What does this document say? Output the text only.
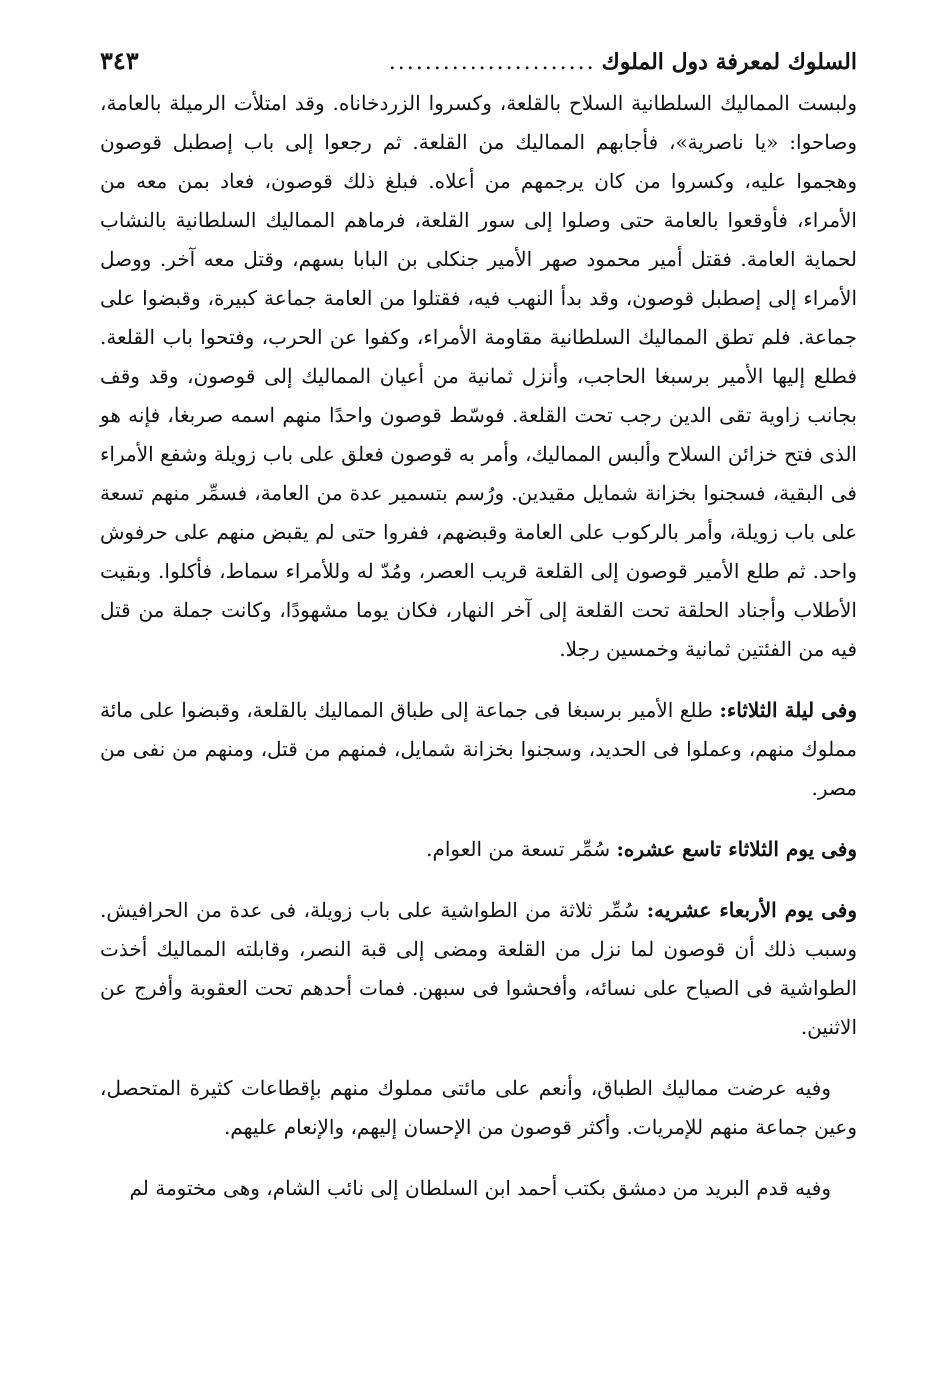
السلوك لمعرفة دول الملوك
.......................
٣٤٣

ولبست المماليك السلطانية السلاح بالقلعة، وكسروا الزردخاناه. وقد امتلأت الرميلة بالعامة، وصاحوا: «يا ناصرية»، فأجابهم المماليك من القلعة. ثم رجعوا إلى باب إصطبل قوصون وهجموا عليه، وكسروا من كان يرجمهم من أعلاه. فبلغ ذلك قوصون، فعاد بمن معه من الأمراء، فأوقعوا بالعامة حتى وصلوا إلى سور القلعة، فرماهم المماليك السلطانية بالنشاب لحماية العامة. فقتل أمير محمود صهر الأمير جنكلى بن البابا بسهم، وقتل معه آخر. ووصل الأمراء إلى إصطبل قوصون، وقد بدأ النهب فيه، فقتلوا من العامة جماعة كبيرة، وقبضوا على جماعة. فلم تطق المماليك السلطانية مقاومة الأمراء، وكفوا عن الحرب، وفتحوا باب القلعة. فطلع إليها الأمير برسبغا الحاجب، وأنزل ثمانية من أعيان المماليك إلى قوصون، وقد وقف بجانب زاوية تقى الدين رجب تحت القلعة. فوسّط قوصون واحدًا منهم اسمه صربغا، فإنه هو الذى فتح خزائن السلاح وألبس المماليك، وأمر به قوصون فعلق على باب زويلة وشفع الأمراء فى البقية، فسجنوا بخزانة شمايل مقيدين. ورُسم بتسمير عدة من العامة، فسمِّر منهم تسعة على باب زويلة، وأمر بالركوب على العامة وقبضهم، ففروا حتى لم يقبض منهم على حرفوش واحد. ثم طلع الأمير قوصون إلى القلعة قريب العصر، ومُدّ له وللأمراء سماط، فأكلوا. وبقيت الأطلاب وأجناد الحلقة تحت القلعة إلى آخر النهار، فكان يوما مشهودًا، وكانت جملة من قتل فيه من الفئتين ثمانية وخمسين رجلا.

وفى ليلة الثلاثاء: طلع الأمير برسبغا فى جماعة إلى طباق المماليك بالقلعة، وقبضوا على مائة مملوك منهم، وعملوا فى الحديد، وسجنوا بخزانة شمايل، فمنهم من قتل، ومنهم من نفى من مصر.

وفى يوم الثلاثاء تاسع عشره: سُمِّر تسعة من العوام.

وفى يوم الأربعاء عشريه: سُمِّر ثلاثة من الطواشية على باب زويلة، فى عدة من الحرافيش. وسبب ذلك أن قوصون لما نزل من القلعة ومضى إلى قبة النصر، وقابلته المماليك أخذت الطواشية فى الصياح على نسائه، وأفحشوا فى سبهن. فمات أحدهم تحت العقوبة وأفرج عن الاثنين.

وفيه عرضت مماليك الطباق، وأنعم على مائتى مملوك منهم بإقطاعات كثيرة المتحصل، وعين جماعة منهم للإمريات. وأكثر قوصون من الإحسان إليهم، والإنعام عليهم.

وفيه قدم البريد من دمشق بكتب أحمد ابن السلطان إلى نائب الشام، وهى مختومة لم
